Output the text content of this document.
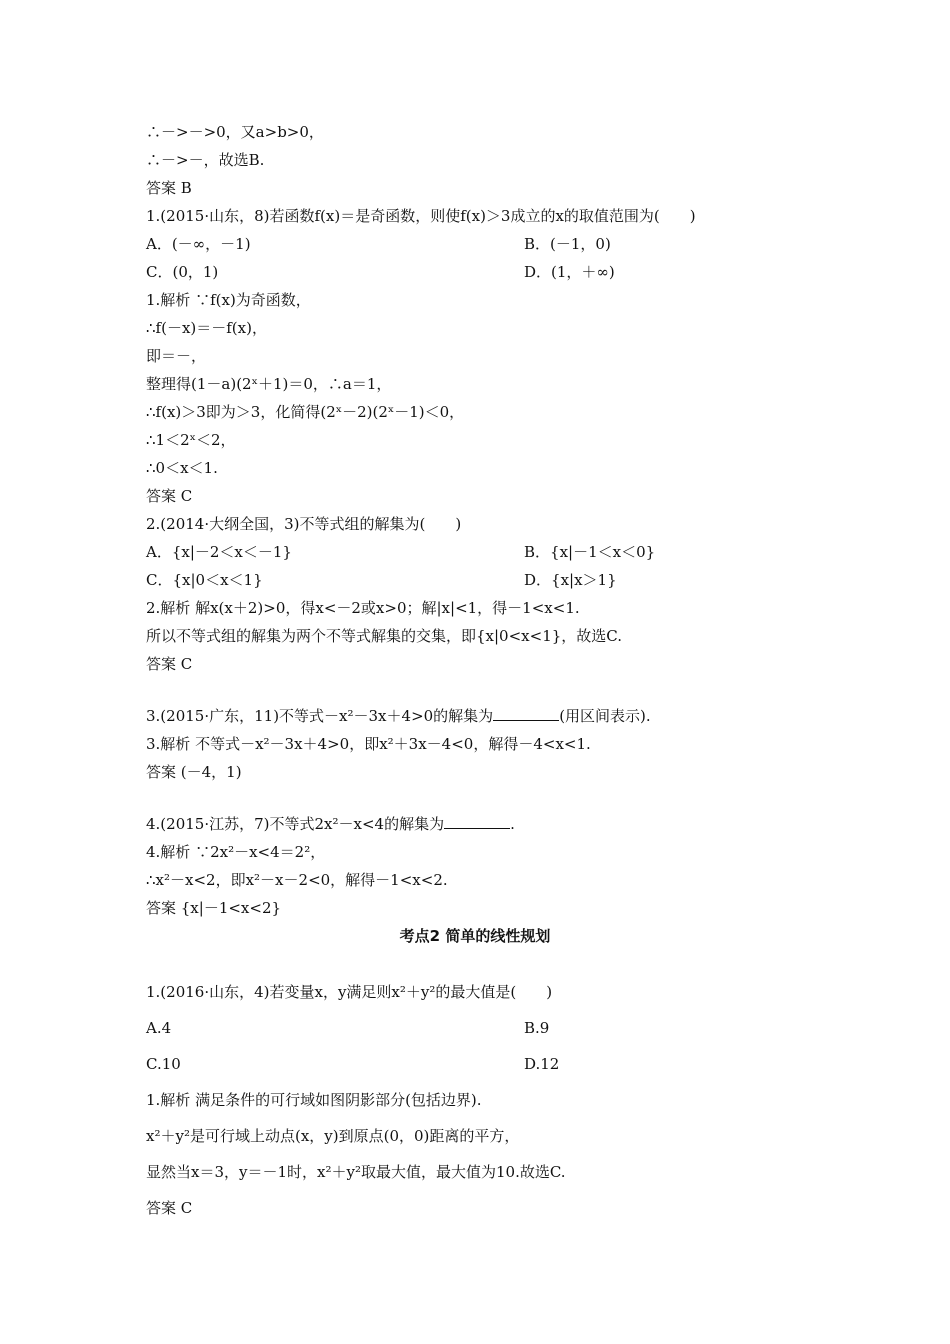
∴－>－>0，又a>b>0，
∴－>－，故选B.
答案 B
1.(2015·山东，8)若函数f(x)＝是奇函数，则使f(x)＞3成立的x的取值范围为(　　)
A．(－∞，－1)	B．(－1，0)
C．(0，1)	D．(1，＋∞)
1.解析 ∵f(x)为奇函数，
∴f(－x)＝－f(x)，
即＝－，
整理得(1－a)(2ˣ＋1)＝0，∴a＝1，
∴f(x)＞3即为＞3，化简得(2ˣ－2)(2ˣ－1)＜0，
∴1＜2ˣ＜2，
∴0＜x＜1.
答案 C
2.(2014·大纲全国，3)不等式组的解集为(　　)
A．{x|－2＜x＜－1}	B．{x|－1＜x＜0}
C．{x|0＜x＜1}	D．{x|x＞1}
2.解析 解x(x＋2)>0，得x<－2或x>0；解|x|<1，得－1<x<1.
所以不等式组的解集为两个不等式解集的交集，即{x|0<x<1}，故选C.
答案 C
3.(2015·广东，11)不等式－x²－3x＋4>0的解集为	(用区间表示).
3.解析 不等式－x²－3x＋4>0，即x²＋3x－4<0，解得－4<x<1.
答案 (－4，1)
4.(2015·江苏，7)不等式2x²－x<4的解集为	.
4.解析 ∵2x²－x<4＝2²，
∴x²－x<2，即x²－x－2<0，解得－1<x<2.
答案 {x|－1<x<2}
考点2 简单的线性规划
1.(2016·山东，4)若变量x，y满足则x²＋y²的最大值是(　　)
A.4	B.9
C.10	D.12
1.解析 满足条件的可行域如图阴影部分(包括边界).
x²＋y²是可行域上动点(x，y)到原点(0，0)距离的平方，
显然当x＝3，y＝－1时，x²＋y²取最大值，最大值为10.故选C.
答案 C
